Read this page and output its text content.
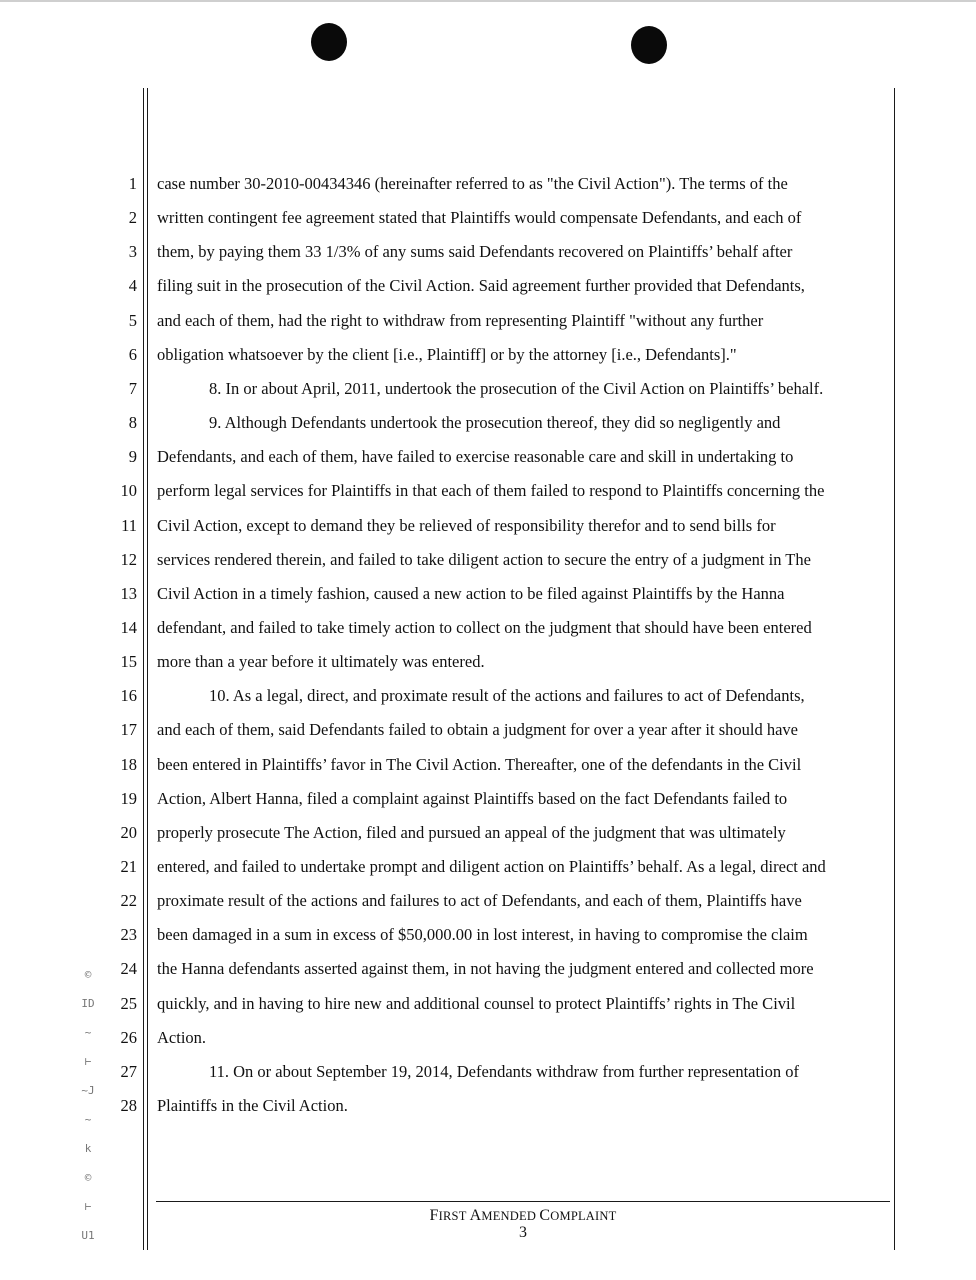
1 case number 30-2010-00434346 (hereinafter referred to as "the Civil Action"). The terms of the
2 written contingent fee agreement stated that Plaintiffs would compensate Defendants, and each of
3 them, by paying them 33 1/3% of any sums said Defendants recovered on Plaintiffs’ behalf after
4 filing suit in the prosecution of the Civil Action. Said agreement further provided that Defendants,
5 and each of them, had the right to withdraw from representing Plaintiff "without any further
6 obligation whatsoever by the client [i.e., Plaintiff] or by the attorney [i.e., Defendants]."
7	8. In or about April, 2011, undertook the prosecution of the Civil Action on Plaintiffs’ behalf.
8	9. Although Defendants undertook the prosecution thereof, they did so negligently and
9 Defendants, and each of them, have failed to exercise reasonable care and skill in undertaking to
10 perform legal services for Plaintiffs in that each of them failed to respond to Plaintiffs concerning the
11 Civil Action, except to demand they be relieved of responsibility therefor and to send bills for
12 services rendered therein, and failed to take diligent action to secure the entry of a judgment in The
13 Civil Action in a timely fashion, caused a new action to be filed against Plaintiffs by the Hanna
14 defendant, and failed to take timely action to collect on the judgment that should have been entered
15 more than a year before it ultimately was entered.
16	10. As a legal, direct, and proximate result of the actions and failures to act of Defendants,
17 and each of them, said Defendants failed to obtain a judgment for over a year after it should have
18 been entered in Plaintiffs’ favor in The Civil Action. Thereafter, one of the defendants in the Civil
19 Action, Albert Hanna, filed a complaint against Plaintiffs based on the fact Defendants failed to
20 properly prosecute The Action, filed and pursued an appeal of the judgment that was ultimately
21 entered, and failed to undertake prompt and diligent action on Plaintiffs’ behalf. As a legal, direct and
22 proximate result of the actions and failures to act of Defendants, and each of them, Plaintiffs have
23 been damaged in a sum in excess of $50,000.00 in lost interest, in having to compromise the claim
24 the Hanna defendants asserted against them, in not having the judgment entered and collected more
25 quickly, and in having to hire new and additional counsel to protect Plaintiffs’ rights in The Civil
26 Action.
27	11. On or about September 19, 2014, Defendants withdraw from further representation of
28 Plaintiffs in the Civil Action.
FIRST AMENDED COMPLAINT
3
©
ID
~
⊢
~J
~
k
©
⊢
U1
